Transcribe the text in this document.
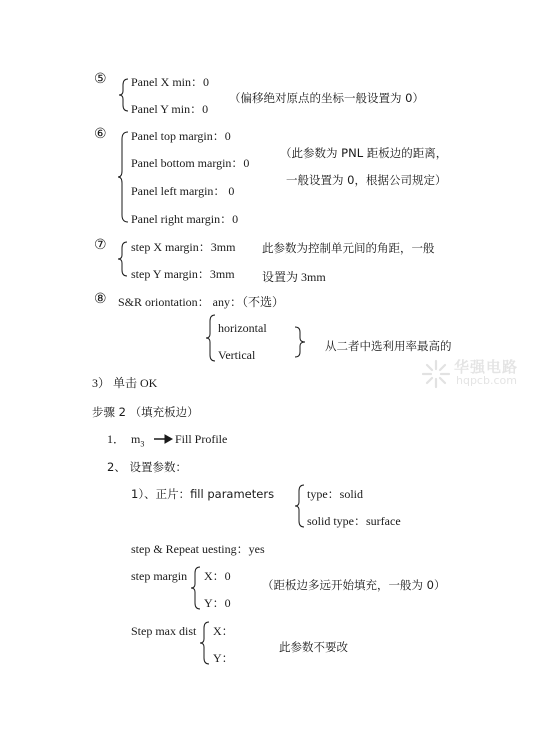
⑤ Panel X min：0
Panel Y min：0
（偏移绝对原点的坐标一般设置为 0）
⑥ Panel top margin：0
Panel bottom margin：0
Panel left margin： 0
Panel right margin：0
（此参数为 PNL 距板边的距离，
一般设置为 0，根据公司规定）
⑦ step X margin：3mm
step Y margin：3mm
此参数为控制单元间的角距，一般
设置为 3mm
⑧ S&R oriontation： any：（不选）
horizontal
Vertical
从二者中选利用率最高的
华强电路
hqpcb.com
3） 单击 OK
步骤 2 （填充板边）
1． $m_3$	Fill Profile
2、 设置参数：
1）、正片：fill parameters	type：solid
solid type：surface
step & Repeat uesting：yes
step margin X：0
Y：0
（距板边多远开始填充，一般为 0）
Step max dist X：
Y：
此参数不要改
